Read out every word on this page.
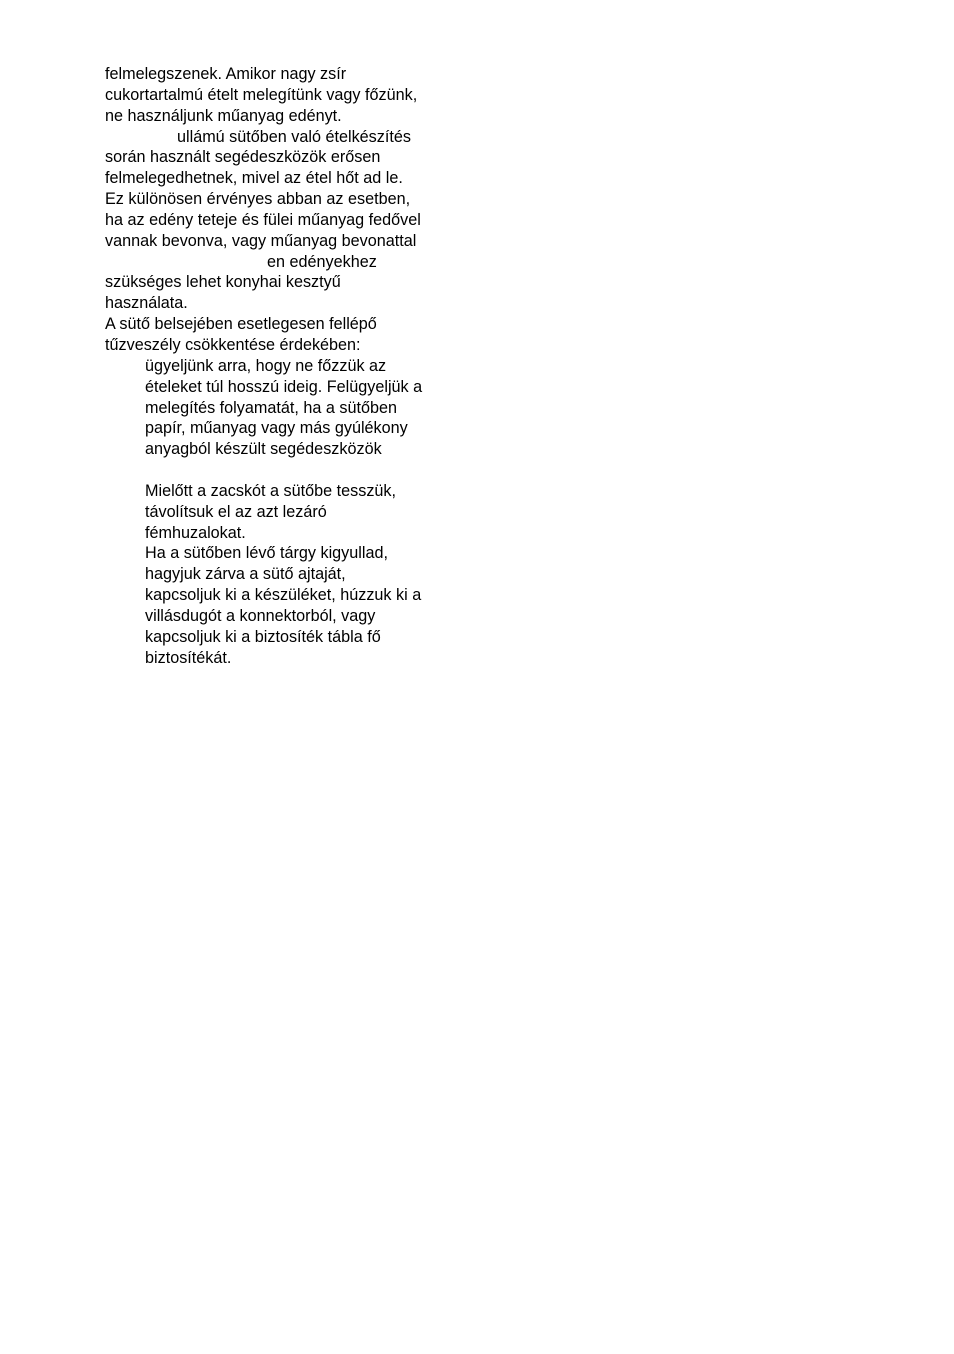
felmelegszenek. Amikor nagy zsír
cukortartalmú ételt melegítünk vagy főzünk,
ne használjunk műanyag edényt.
ullámú sütőben való ételkészítés
során használt segédeszközök erősen
felmelegedhetnek, mivel az étel hőt ad le.
Ez különösen érvényes abban az esetben,
ha az edény teteje és fülei műanyag fedővel
vannak bevonva, vagy műanyag bevonattal
en edényekhez
szükséges lehet konyhai kesztyű
használata.
A sütő belsejében esetlegesen fellépő
tűzveszély csökkentése érdekében:
ügyeljünk arra, hogy ne főzzük az
ételeket túl hosszú ideig. Felügyeljük a
melegítés folyamatát, ha a sütőben
papír, műanyag vagy más gyúlékony
anyagból készült segédeszközök
Mielőtt a zacskót a sütőbe tesszük,
távolítsuk el az azt lezáró
fémhuzalokat.
Ha a sütőben lévő tárgy kigyullad,
hagyjuk zárva a sütő ajtaját,
kapcsoljuk ki a készüléket, húzzuk ki a
villásdugót a konnektorból, vagy
kapcsoljuk ki a biztosíték tábla fő
biztosítékát.
